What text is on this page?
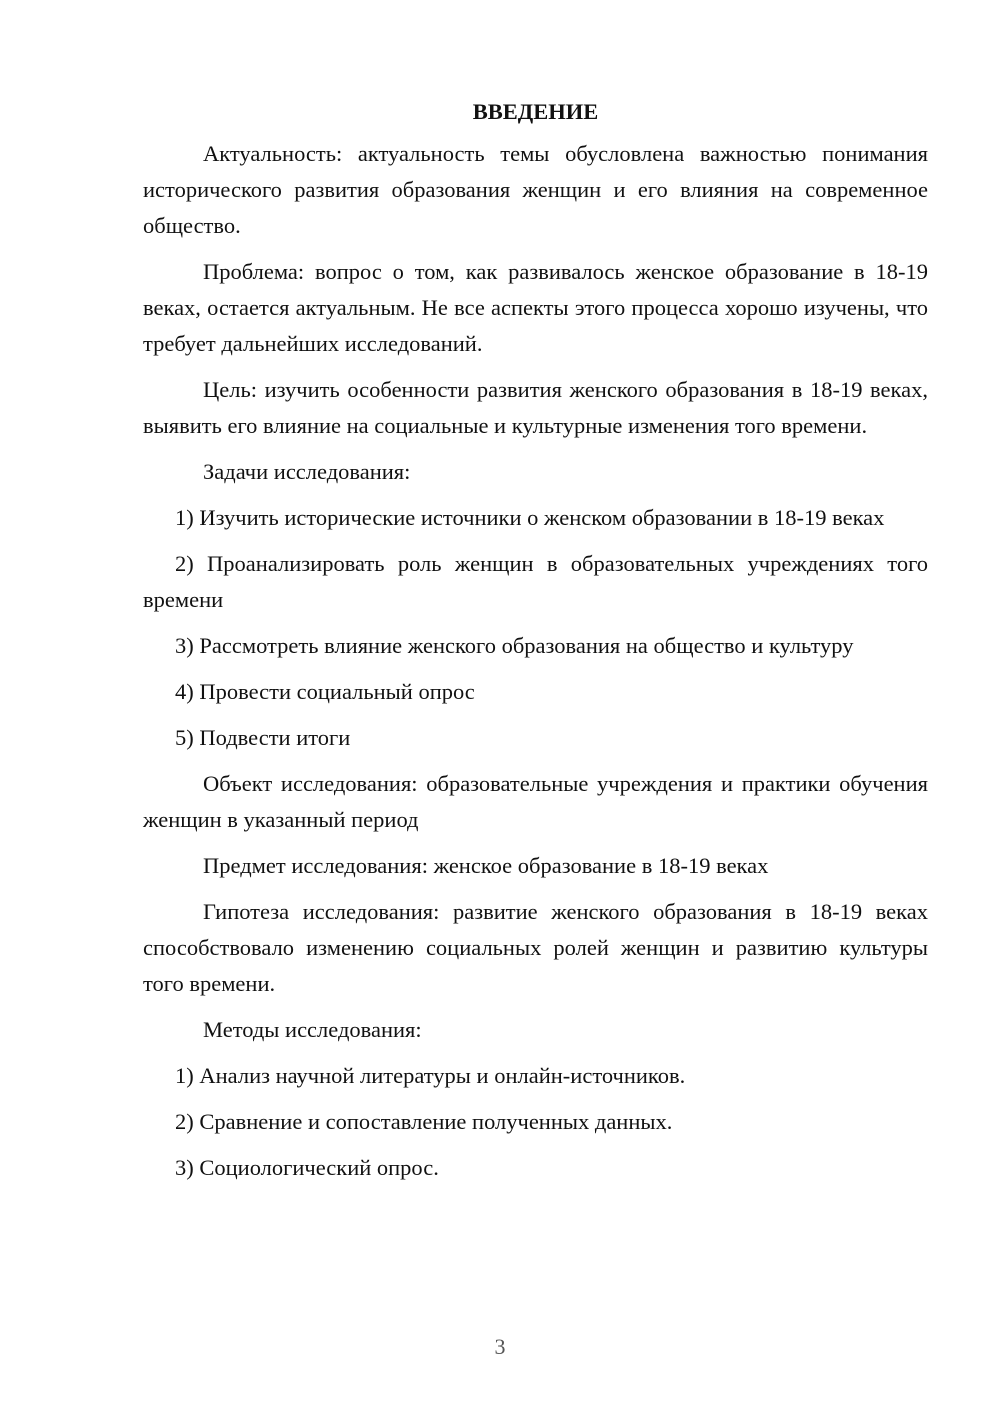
ВВЕДЕНИЕ

Актуальность: актуальность темы обусловлена важностью понимания исторического развития образования женщин и его влияния на современное общество.

Проблема: вопрос о том, как развивалось женское образование в 18-19 веках, остается актуальным. Не все аспекты этого процесса хорошо изучены, что требует дальнейших исследований.

Цель: изучить особенности развития женского образования в 18-19 веках, выявить его влияние на социальные и культурные изменения того времени.

Задачи исследования:

1) Изучить исторические источники о женском образовании в 18-19 веках

2) Проанализировать роль женщин в образовательных учреждениях того времени

3) Рассмотреть влияние женского образования на общество и культуру

4) Провести социальный опрос

5) Подвести итоги

Объект исследования: образовательные учреждения и практики обучения женщин в указанный период

Предмет исследования: женское образование в 18-19 веках

Гипотеза исследования: развитие женского образования в 18-19 веках способствовало изменению социальных ролей женщин и развитию культуры того времени.

Методы исследования:

1) Анализ научной литературы и онлайн-источников.

2) Сравнение и сопоставление полученных данных.

3) Социологический опрос.

3
